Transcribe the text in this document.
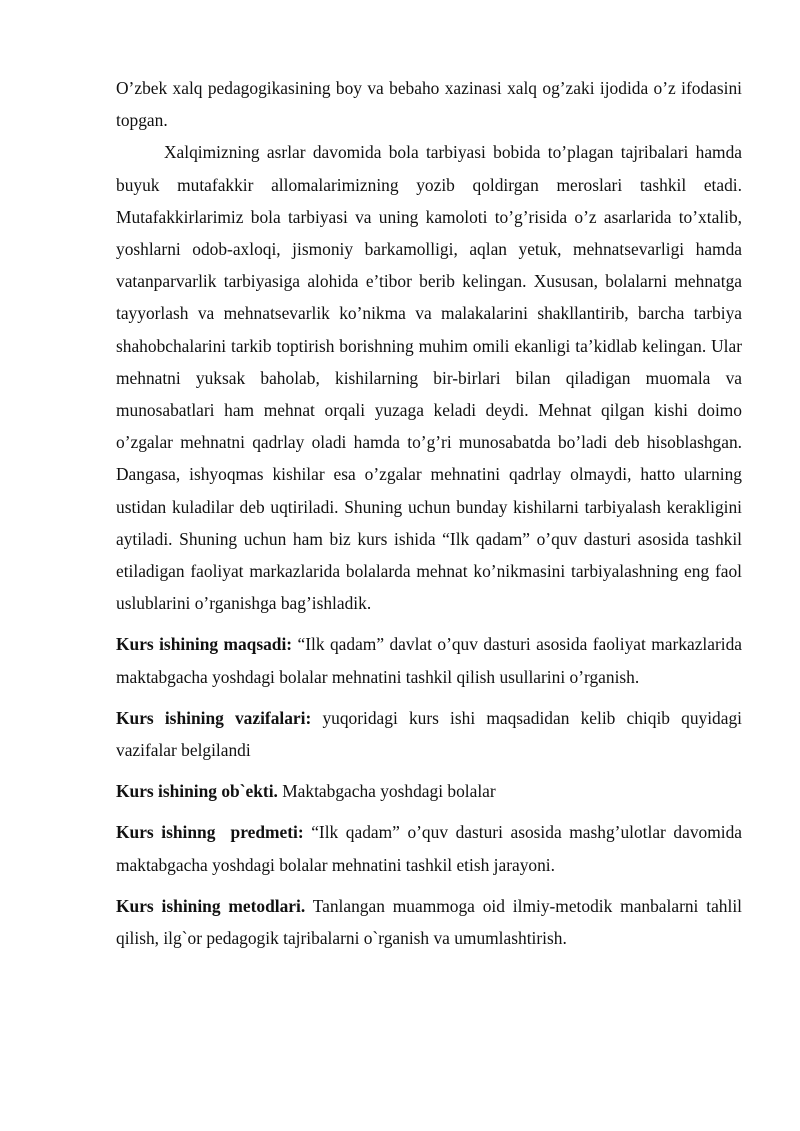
O’zbek xalq pedagogikasining boy va bebaho xazinasi xalq og’zaki ijodida o’z ifodasini topgan.

Xalqimizning asrlar davomida bola tarbiyasi bobida to’plagan tajribalari hamda buyuk mutafakkir allomalarimizning yozib qoldirgan meroslari tashkil etadi. Mutafakkirlarimiz bola tarbiyasi va uning kamoloti to’g’risida o’z asarlarida to’xtalib, yoshlarni odob-axloqi, jismoniy barkamolligi, aqlan yetuk, mehnatsevarligi hamda vatanparvarlik tarbiyasiga alohida e’tibor berib kelingan. Xususan, bolalarni mehnatga tayyorlash va mehnatsevarlik ko’nikma va malakalarini shakllantirib, barcha tarbiya shahobchalarini tarkib toptirish borishning muhim omili ekanligi ta’kidlab kelingan. Ular mehnatni yuksak baholab, kishilarning bir-birlari bilan qiladigan muomala va munosabatlari ham mehnat orqali yuzaga keladi deydi. Mehnat qilgan kishi doimo o’zgalar mehnatni qadrlay oladi hamda to’g’ri munosabatda bo’ladi deb hisoblashgan. Dangasa, ishyoqmas kishilar esa o’zgalar mehnatini qadrlay olmaydi, hatto ularning ustidan kuladilar deb uqtiriladi. Shuning uchun bunday kishilarni tarbiyalash kerakligini aytiladi. Shuning uchun ham biz kurs ishida “Ilk qadam” o’quv dasturi asosida tashkil etiladigan faoliyat markazlarida bolalarda mehnat ko’nikmasini tarbiyalashning eng faol uslublarini o’rganishga bag’ishladik.

Kurs ishining maqsadi: “Ilk qadam” davlat o’quv dasturi asosida faoliyat markazlarida maktabgacha yoshdagi bolalar mehnatini tashkil qilish usullarini o’rganish.

Kurs ishining vazifalari: yuqoridagi kurs ishi maqsadidan kelib chiqib quyidagi vazifalar belgilandi

Kurs ishining ob`ekti. Maktabgacha yoshdagi bolalar

Kurs ishinng  predmeti: “Ilk qadam” o’quv dasturi asosida mashg’ulotlar davomida maktabgacha yoshdagi bolalar mehnatini tashkil etish jarayoni.

Kurs ishining metodlari. Tanlangan muammoga oid ilmiy-metodik manbalarni tahlil qilish, ilg`or pedagogik tajribalarni o`rganish va umumlashtirish.
